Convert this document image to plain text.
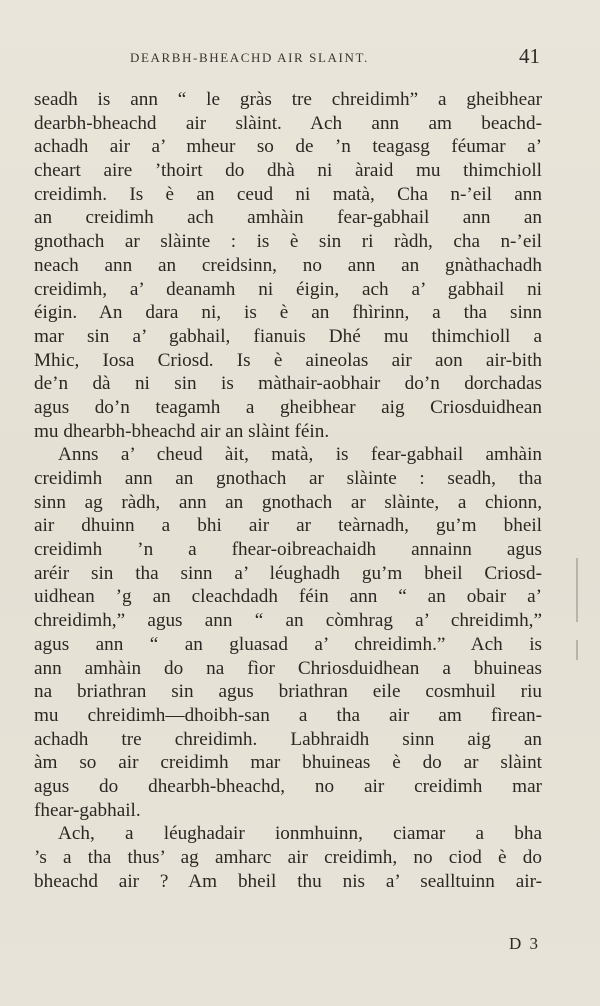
DEARBH-BHEACHD AIR SLAINT.	41
seadh is ann “ le gràs tre chreidimh” a gheibhear
dearbh-bheachd air slàint. Ach ann am beachd-
achadh air a’ mheur so de ’n teagasg féumar a’
cheart aire ’thoirt do dhà ni àraid mu thimchioll
creidimh. Is è an ceud ni matà, Cha n-’eil ann
an creidimh ach amhàin fear-gabhail ann an
gnothach ar slàinte : is è sin ri ràdh, cha n-’eil
neach ann an creidsinn, no ann an gnàthachadh
creidimh, a’ deanamh ni éigin, ach a’ gabhail ni
éigin. An dara ni, is è an fhìrinn, a tha sinn
mar sin a’ gabhail, fianuis Dhé mu thimchioll a
Mhic, Iosa Criosd. Is è aineolas air aon air-bith
de’n dà ni sin is màthair-aobhair do’n dorchadas
agus do’n teagamh a gheibhear aig Criosduidhean
mu dhearbh-bheachd air an slàint féin.
Anns a’ cheud àit, matà, is fear-gabhail amhàin
creidimh ann an gnothach ar slàinte : seadh, tha
sinn ag ràdh, ann an gnothach ar slàinte, a chionn,
air dhuinn a bhi air ar teàrnadh, gu’m bheil
creidimh ’n a fhear-oibreachaidh annainn agus
aréir sin tha sinn a’ léughadh gu’m bheil Criosd-
uidhean ’g an cleachdadh féin ann “ an obair a’
chreidimh,” agus ann “ an còmhrag a’ chreidimh,”
agus ann “ an gluasad a’ chreidimh.” Ach is
ann amhàin do na fìor Chriosduidhean a bhuineas
na briathran sin agus briathran eile cosmhuil riu
mu chreidimh—dhoibh-san a tha air am fìrean-
achadh tre chreidimh. Labhraidh sinn aig an
àm so air creidimh mar bhuineas è do ar slàint
agus do dhearbh-bheachd, no air creidimh mar
fhear-gabhail.
Ach, a léughadair ionmhuinn, ciamar a bha
’s a tha thus’ ag amharc air creidimh, no ciod è do
bheachd air ? Am bheil thu nis a’ sealltuinn air-
D 3
